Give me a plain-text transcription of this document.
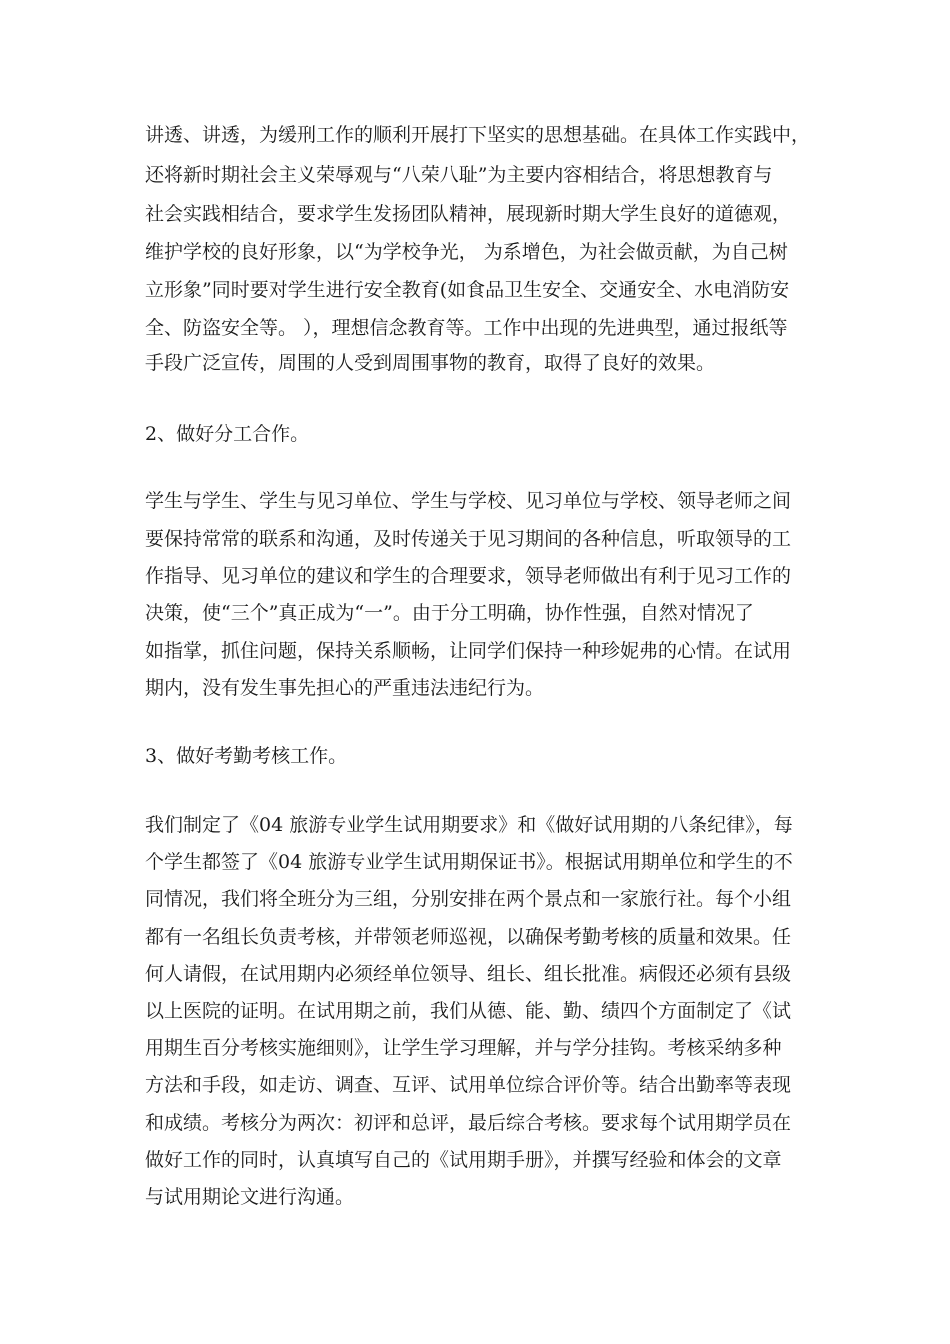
讲透、讲透，为缓刑工作的顺利开展打下坚实的思想基础。在具体工作实践中，
还将新时期社会主义荣辱观与“八荣八耻”为主要内容相结合，将思想教育与
社会实践相结合，要求学生发扬团队精神，展现新时期大学生良好的道德观，
维护学校的良好形象，以“为学校争光， 为系增色，为社会做贡献，为自己树
立形象”同时要对学生进行安全教育(如食品卫生安全、交通安全、水电消防安
全、防盗安全等。 ），理想信念教育等。工作中出现的先进典型，通过报纸等
手段广泛宣传，周围的人受到周围事物的教育，取得了良好的效果。
2、做好分工合作。
学生与学生、学生与见习单位、学生与学校、见习单位与学校、领导老师之间
要保持常常的联系和沟通，及时传递关于见习期间的各种信息，听取领导的工
作指导、见习单位的建议和学生的合理要求，领导老师做出有利于见习工作的
决策，使“三个”真正成为“一”。由于分工明确，协作性强，自然对情况了
如指掌，抓住问题，保持关系顺畅，让同学们保持一种珍妮弗的心情。在试用
期内，没有发生事先担心的严重违法违纪行为。
3、做好考勤考核工作。
我们制定了《04 旅游专业学生试用期要求》和《做好试用期的八条纪律》，每
个学生都签了《04 旅游专业学生试用期保证书》。根据试用期单位和学生的不
同情况，我们将全班分为三组，分别安排在两个景点和一家旅行社。每个小组
都有一名组长负责考核，并带领老师巡视，以确保考勤考核的质量和效果。任
何人请假，在试用期内必须经单位领导、组长、组长批准。病假还必须有县级
以上医院的证明。在试用期之前，我们从德、能、勤、绩四个方面制定了《试
用期生百分考核实施细则》，让学生学习理解，并与学分挂钩。考核采纳多种
方法和手段，如走访、调查、互评、试用单位综合评价等。结合出勤率等表现
和成绩。考核分为两次：初评和总评，最后综合考核。要求每个试用期学员在
做好工作的同时，认真填写自己的《试用期手册》，并撰写经验和体会的文章
与试用期论文进行沟通。
